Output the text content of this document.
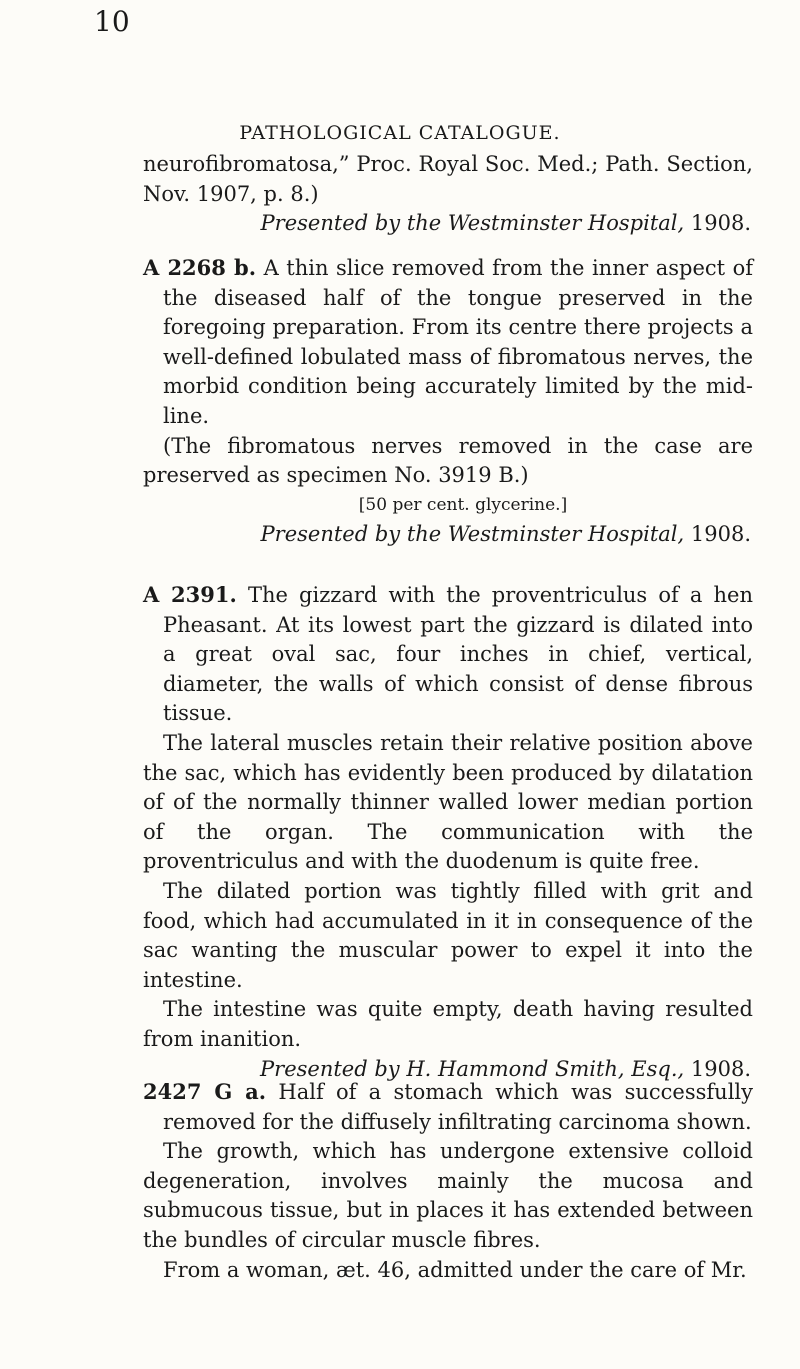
10
PATHOLOGICAL CATALOGUE.

neurofibromatosa,” Proc. Royal Soc. Med.; Path. Section, Nov. 1907, p. 8.)

Presented by the Westminster Hospital, 1908.

A 2268 b. A thin slice removed from the inner aspect of the diseased half of the tongue preserved in the foregoing preparation. From its centre there projects a well-defined lobulated mass of fibromatous nerves, the morbid condition being accurately limited by the mid-line.

(The fibromatous nerves removed in the case are preserved as specimen No. 3919 B.)

[50 per cent. glycerine.]

Presented by the Westminster Hospital, 1908.

A 2391. The gizzard with the proventriculus of a hen Pheasant. At its lowest part the gizzard is dilated into a great oval sac, four inches in chief, vertical, diameter, the walls of which consist of dense fibrous tissue.

The lateral muscles retain their relative position above the sac, which has evidently been produced by dilatation of of the normally thinner walled lower median portion of the organ. The communication with the proventriculus and with the duodenum is quite free.

The dilated portion was tightly filled with grit and food, which had accumulated in it in consequence of the sac wanting the muscular power to expel it into the intestine.

The intestine was quite empty, death having resulted from inanition.

Presented by H. Hammond Smith, Esq., 1908.

2427 G a. Half of a stomach which was successfully removed for the diffusely infiltrating carcinoma shown.

The growth, which has undergone extensive colloid degeneration, involves mainly the mucosa and submucous tissue, but in places it has extended between the bundles of circular muscle fibres.

From a woman, æt. 46, admitted under the care of Mr.
